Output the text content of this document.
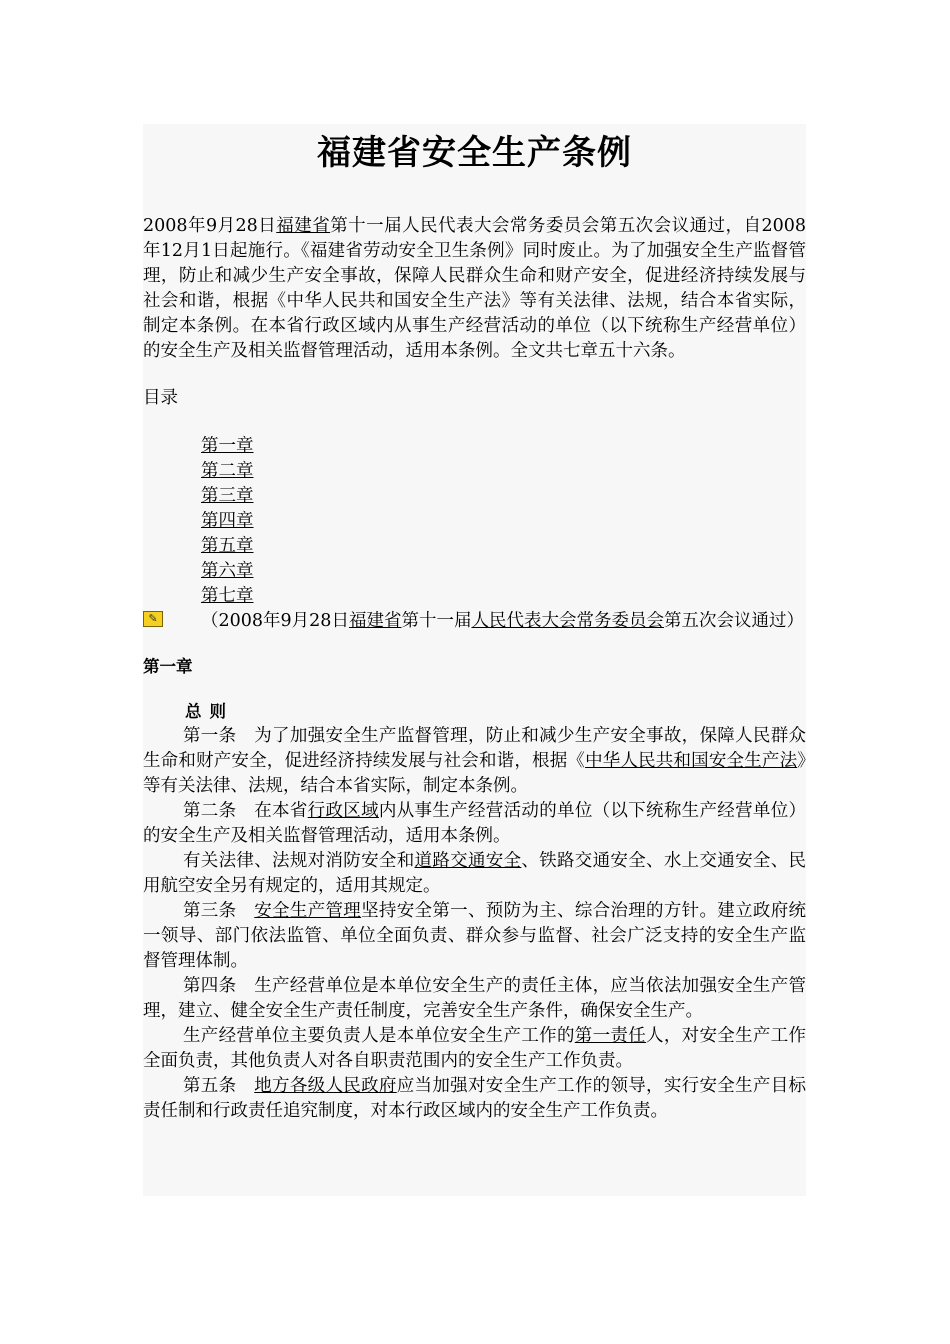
福建省安全生产条例

2008年9月28日福建省第十一届人民代表大会常务委员会第五次会议通过，自2008年12月1日起施行。《福建省劳动安全卫生条例》同时废止。为了加强安全生产监督管理，防止和减少生产安全事故，保障人民群众生命和财产安全，促进经济持续发展与社会和谐，根据《中华人民共和国安全生产法》等有关法律、法规，结合本省实际，制定本条例。在本省行政区域内从事生产经营活动的单位（以下统称生产经营单位）的安全生产及相关监督管理活动，适用本条例。全文共七章五十六条。

目录

第一章
第二章
第三章
第四章
第五章
第六章
第七章

✎	（2008年9月28日福建省第十一届人民代表大会常务委员会第五次会议通过）

第一章

总则

第一条　为了加强安全生产监督管理，防止和减少生产安全事故，保障人民群众生命和财产安全，促进经济持续发展与社会和谐，根据《中华人民共和国安全生产法》等有关法律、法规，结合本省实际，制定本条例。

第二条　在本省行政区域内从事生产经营活动的单位（以下统称生产经营单位）的安全生产及相关监督管理活动，适用本条例。

有关法律、法规对消防安全和道路交通安全、铁路交通安全、水上交通安全、民用航空安全另有规定的，适用其规定。

第三条　安全生产管理坚持安全第一、预防为主、综合治理的方针。建立政府统一领导、部门依法监管、单位全面负责、群众参与监督、社会广泛支持的安全生产监督管理体制。

第四条　生产经营单位是本单位安全生产的责任主体，应当依法加强安全生产管理，建立、健全安全生产责任制度，完善安全生产条件，确保安全生产。

生产经营单位主要负责人是本单位安全生产工作的第一责任人，对安全生产工作全面负责，其他负责人对各自职责范围内的安全生产工作负责。

第五条　地方各级人民政府应当加强对安全生产工作的领导，实行安全生产目标责任制和行政责任追究制度，对本行政区域内的安全生产工作负责。
